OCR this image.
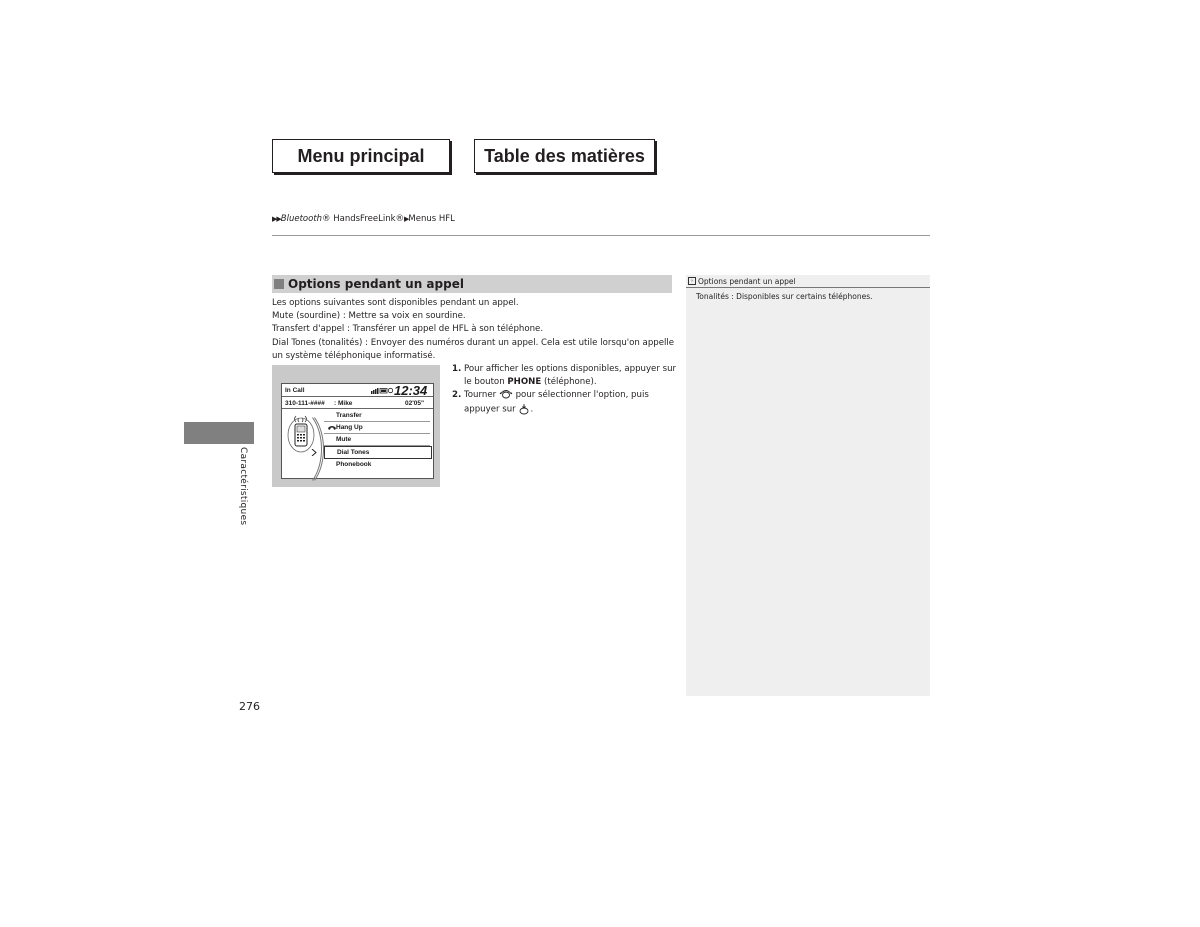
Menu principal	Table des matières
▶▶Bluetooth® HandsFreeLink®▶Menus HFL
Caractéristiques
Options pendant un appel
Les options suivantes sont disponibles pendant un appel.
Mute (sourdine) : Mettre sa voix en sourdine.
Transfert d'appel : Transférer un appel de HFL à son téléphone.
Dial Tones (tonalités) : Envoyer des numéros durant un appel. Cela est utile lorsqu'on appelle
un système téléphonique informatisé.
In Call	12:34
310-111-#### : Mike	02'05"
Transfer
Hang Up
Mute
Dial Tones
Phonebook
1. Pour afficher les options disponibles, appuyer sur
le bouton PHONE (téléphone).
2. Tourner  pour sélectionner l'option, puis
appuyer sur .
› Options pendant un appel
Tonalités : Disponibles sur certains téléphones.
276
